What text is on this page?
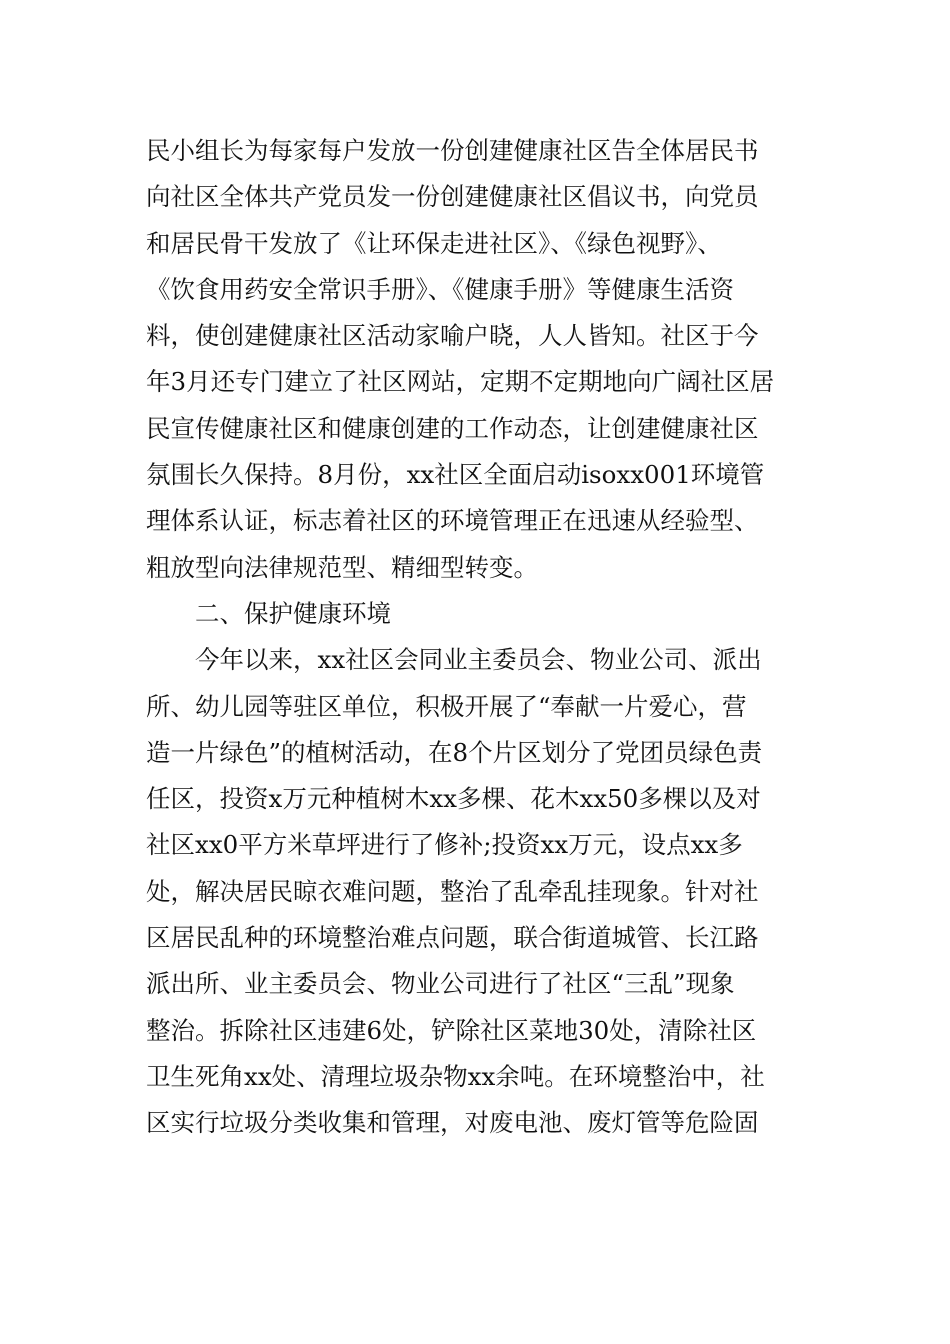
民小组长为每家每户发放一份创建健康社区告全体居民书
向社区全体共产党员发一份创建健康社区倡议书，向党员
和居民骨干发放了《让环保走进社区》、《绿色视野》、
《饮食用药安全常识手册》、《健康手册》等健康生活资
料，使创建健康社区活动家喻户晓，人人皆知。社区于今
年3月还专门建立了社区网站，定期不定期地向广阔社区居
民宣传健康社区和健康创建的工作动态，让创建健康社区
氛围长久保持。8月份，xx社区全面启动isoxx001环境管
理体系认证，标志着社区的环境管理正在迅速从经验型、
粗放型向法律规范型、精细型转变。
二、保护健康环境
今年以来，xx社区会同业主委员会、物业公司、派出
所、幼儿园等驻区单位，积极开展了“奉献一片爱心，营
造一片绿色”的植树活动，在8个片区划分了党团员绿色责
任区，投资x万元种植树木xx多棵、花木xx50多棵以及对
社区xx0平方米草坪进行了修补;投资xx万元，设点xx多
处，解决居民晾衣难问题，整治了乱牵乱挂现象。针对社
区居民乱种的环境整治难点问题，联合街道城管、长江路
派出所、业主委员会、物业公司进行了社区“三乱”现象
整治。拆除社区违建6处，铲除社区菜地30处，清除社区
卫生死角xx处、清理垃圾杂物xx余吨。在环境整治中，社
区实行垃圾分类收集和管理，对废电池、废灯管等危险固
